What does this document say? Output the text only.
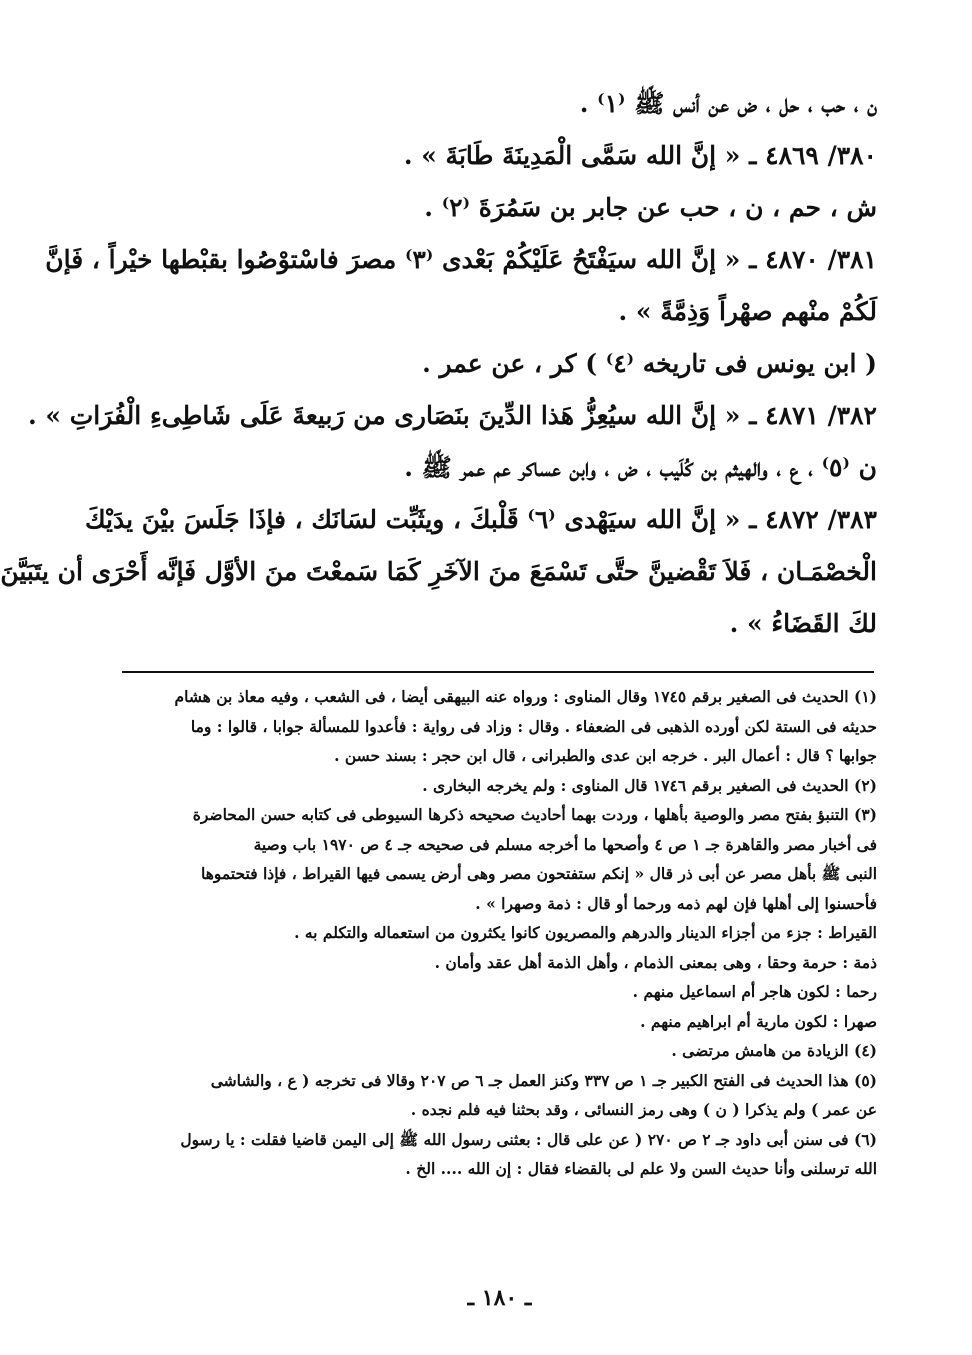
ن ، حب ، حل ، ض عن أنس ﷺ ⁽١⁾ .
٣٨٠/ ٤٨٦٩ ـ « إنَّ الله سَمَّى الْمَدِينَةَ طَابَةَ » .
ش ، حم ، ن ، حب عن جابر بن سَمُرَةَ ⁽٢⁾ .
٣٨١/ ٤٨٧٠ ـ « إنَّ الله سيَفْتَحُ عَلَيْكُمْ بَعْدى ⁽٣⁾ مصرَ فاسْتوْصُوا بقبْطها خيْراً ، فَإنَّ
لَكُمْ منْهم صهْراً وَذِمَّةً » .
( ابن يونس فى تاريخه ⁽٤⁾ ) كر ، عن عمر .
٣٨٢/ ٤٨٧١ ـ « إنَّ الله سيُعِزُّ هَذا الدِّينَ بنَصَارى من رَبيعةَ عَلَى شَاطِىءِ الْفُرَاتِ » .
ن ⁽٥⁾ ، ع ، والهيثم بن كُلَيب ، ض ، وابن عساكر عم عمر ﷺ .
٣٨٣/ ٤٨٧٢ ـ « إنَّ الله سيَهْدى ⁽٦⁾ قَلْبكَ ، ويثَبِّت لسَانَك ، فإذَا جَلَسَ بيْنَ يدَيْكَ
الْخصْمَـان ، فَلاَ تَقْضينَّ حتَّى تَسْمَعَ منَ الآخَرِ كَمَا سَمعْتَ منَ الأوَّل فَإنَّه أَحْرَى أن يتَبَيَّنَ
لكَ القَضَاءُ » .
(١) الحديث فى الصغير برقم ١٧٤٥ وقال المناوى : ورواه عنه البيهقى أيضا ، فى الشعب ، وفيه معاذ بن هشام
حديثه فى الستة لكن أورده الذهبى فى الضعفاء . وقال : وزاد فى رواية : فأعدوا للمسألة جوابا ، قالوا : وما
جوابها ؟ قال : أعمال البر . خرجه ابن عدى والطبرانى ، قال ابن حجر : بسند حسن .
(٢) الحديث فى الصغير برقم ١٧٤٦ قال المناوى : ولم يخرجه البخارى .
(٣) التنبؤ بفتح مصر والوصية بأهلها ، وردت بهما أحاديث صحيحه ذكرها السيوطى فى كتابه حسن المحاضرة
فى أخبار مصر والقاهرة جـ ١ ص ٤ وأصحها ما أخرجه مسلم فى صحيحه جـ ٤ ص ١٩٧٠ باب وصية
النبى ﷺ بأهل مصر عن أبى ذر قال « إنكم ستفتحون مصر وهى أرض يسمى فيها القيراط ، فإذا فتحتموها
فأحسنوا إلى أهلها فإن لهم ذمه ورحما أو قال : ذمة وصهرا » .
القيراط : جزء من أجزاء الدينار والدرهم والمصريون كانوا يكثرون من استعماله والتكلم به .
ذمة : حرمة وحقا ، وهى بمعنى الذمام ، وأهل الذمة أهل عقد وأمان .
رحما : لكون هاجر أم اسماعيل منهم .
صهرا : لكون مارية أم ابراهيم منهم .
(٤) الزيادة من هامش مرتضى .
(٥) هذا الحديث فى الفتح الكبير جـ ١ ص ٣٣٧ وكنز العمل جـ ٦ ص ٢٠٧ وقالا فى تخرجه ( ع ، والشاشى
عن عمر ) ولم يذكرا ( ن ) وهى رمز النسائى ، وقد بحثنا فيه فلم نجده .
(٦) فى سنن أبى داود جـ ٢ ص ٢٧٠ ( عن على قال : بعثنى رسول الله ﷺ إلى اليمن قاضيا فقلت : يا رسول
الله ترسلنى وأنا حديث السن ولا علم لى بالقضاء فقال : إن الله .... الخ .
ـ ١٨٠ ـ
